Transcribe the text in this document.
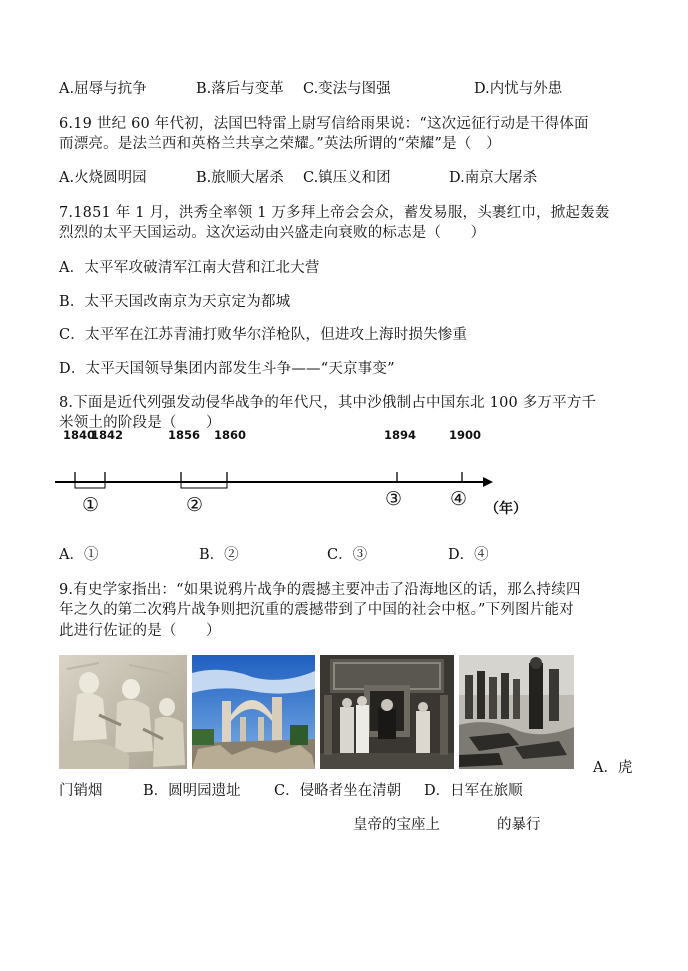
A.屈辱与抗争	B.落后与变革 C.变法与图强	D.内忧与外患
6.19 世纪 60 年代初，法国巴特雷上尉写信给雨果说：“这次远征行动是干得体面
而漂亮。是法兰西和英格兰共享之荣耀。”英法所谓的“荣耀”是（　）
A.火烧圆明园	B.旅顺大屠杀 C.镇压义和团	D.南京大屠杀
7.1851 年 1 月，洪秀全率领 1 万多拜上帝会会众，蓄发易服，头裹红巾，掀起轰轰
烈烈的太平天国运动。这次运动由兴盛走向衰败的标志是（　　）
A．太平军攻破清军江南大营和江北大营
B．太平天国改南京为天京定为都城
C．太平军在江苏青浦打败华尔洋枪队，但进攻上海时损失惨重
D．太平天国领导集团内部发生斗争——“天京事变”
8.下面是近代列强发动侵华战争的年代尺，其中沙俄制占中国东北 100 多万平方千
米领土的阶段是（　　）
1840
1842	1856 1860	1894	1900
①	②	③	④ （年）
A．①	B．②	C．③	D．④
9.有史学家指出：“如果说鸦片战争的震撼主要冲击了沿海地区的话，那么持续四
年之久的第二次鸦片战争则把沉重的震撼带到了中国的社会中枢。”下列图片能对
此进行佐证的是（　　）
A．虎
门销烟	B．圆明园遗址 C．侵略者坐在清朝 D．日军在旅顺
皇帝的宝座上	的暴行
